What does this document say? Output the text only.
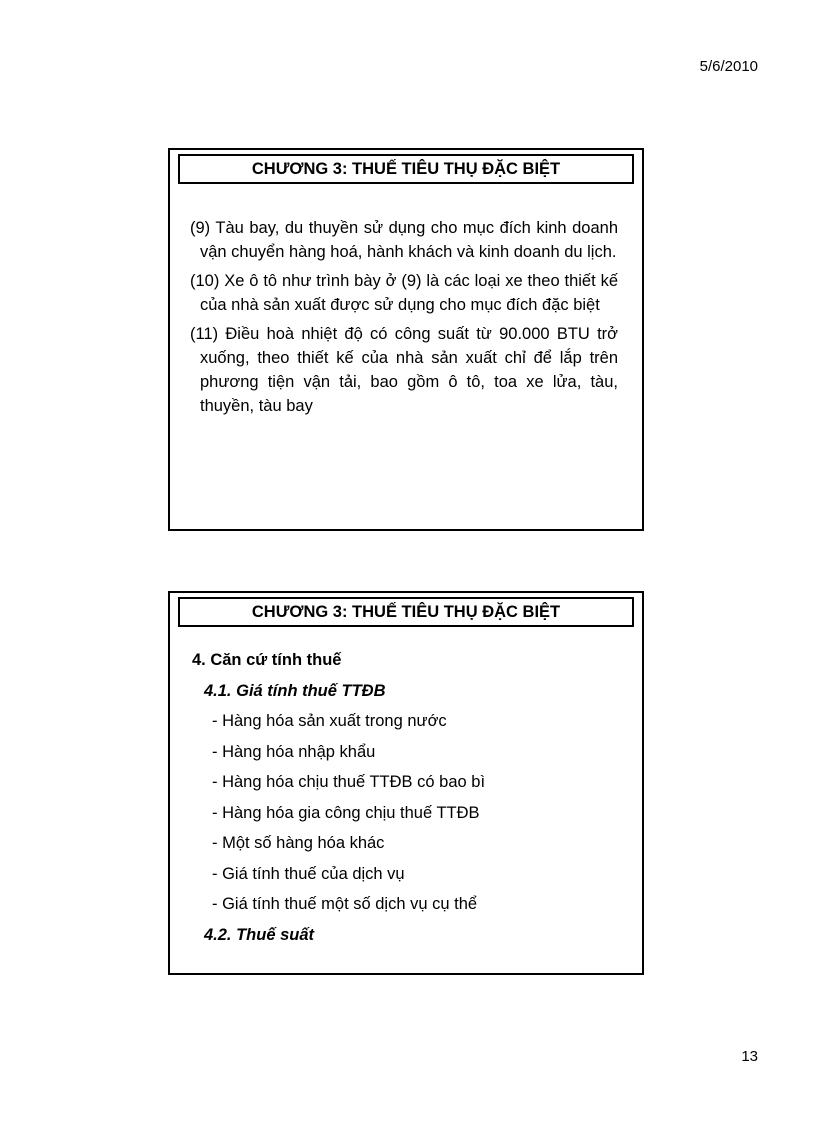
5/6/2010
CHƯƠNG 3: THUẾ TIÊU THỤ ĐẶC BIỆT

(9) Tàu bay, du thuyền sử dụng cho mục đích kinh doanh vận chuyển hàng hoá, hành khách và kinh doanh du lịch.

(10) Xe ô tô như trình bày ở (9) là các loại xe theo thiết kế của nhà sản xuất được sử dụng cho mục đích đặc biệt

(11) Điều hoà nhiệt độ có công suất từ 90.000 BTU trở xuống, theo thiết kế của nhà sản xuất chỉ để lắp trên phương tiện vận tải, bao gồm ô tô, toa xe lửa, tàu, thuyền, tàu bay

CHƯƠNG 3: THUẾ TIÊU THỤ ĐẶC BIỆT
4. Căn cứ tính thuế
4.1. Giá tính thuế TTĐB
- Hàng hóa sản xuất trong nước
- Hàng hóa nhập khẩu
- Hàng hóa chịu thuế TTĐB có bao bì
- Hàng hóa gia công chịu thuế TTĐB
- Một số hàng hóa khác
- Giá tính thuế của dịch vụ
- Giá tính thuế một số dịch vụ cụ thể
4.2. Thuế suất
13
